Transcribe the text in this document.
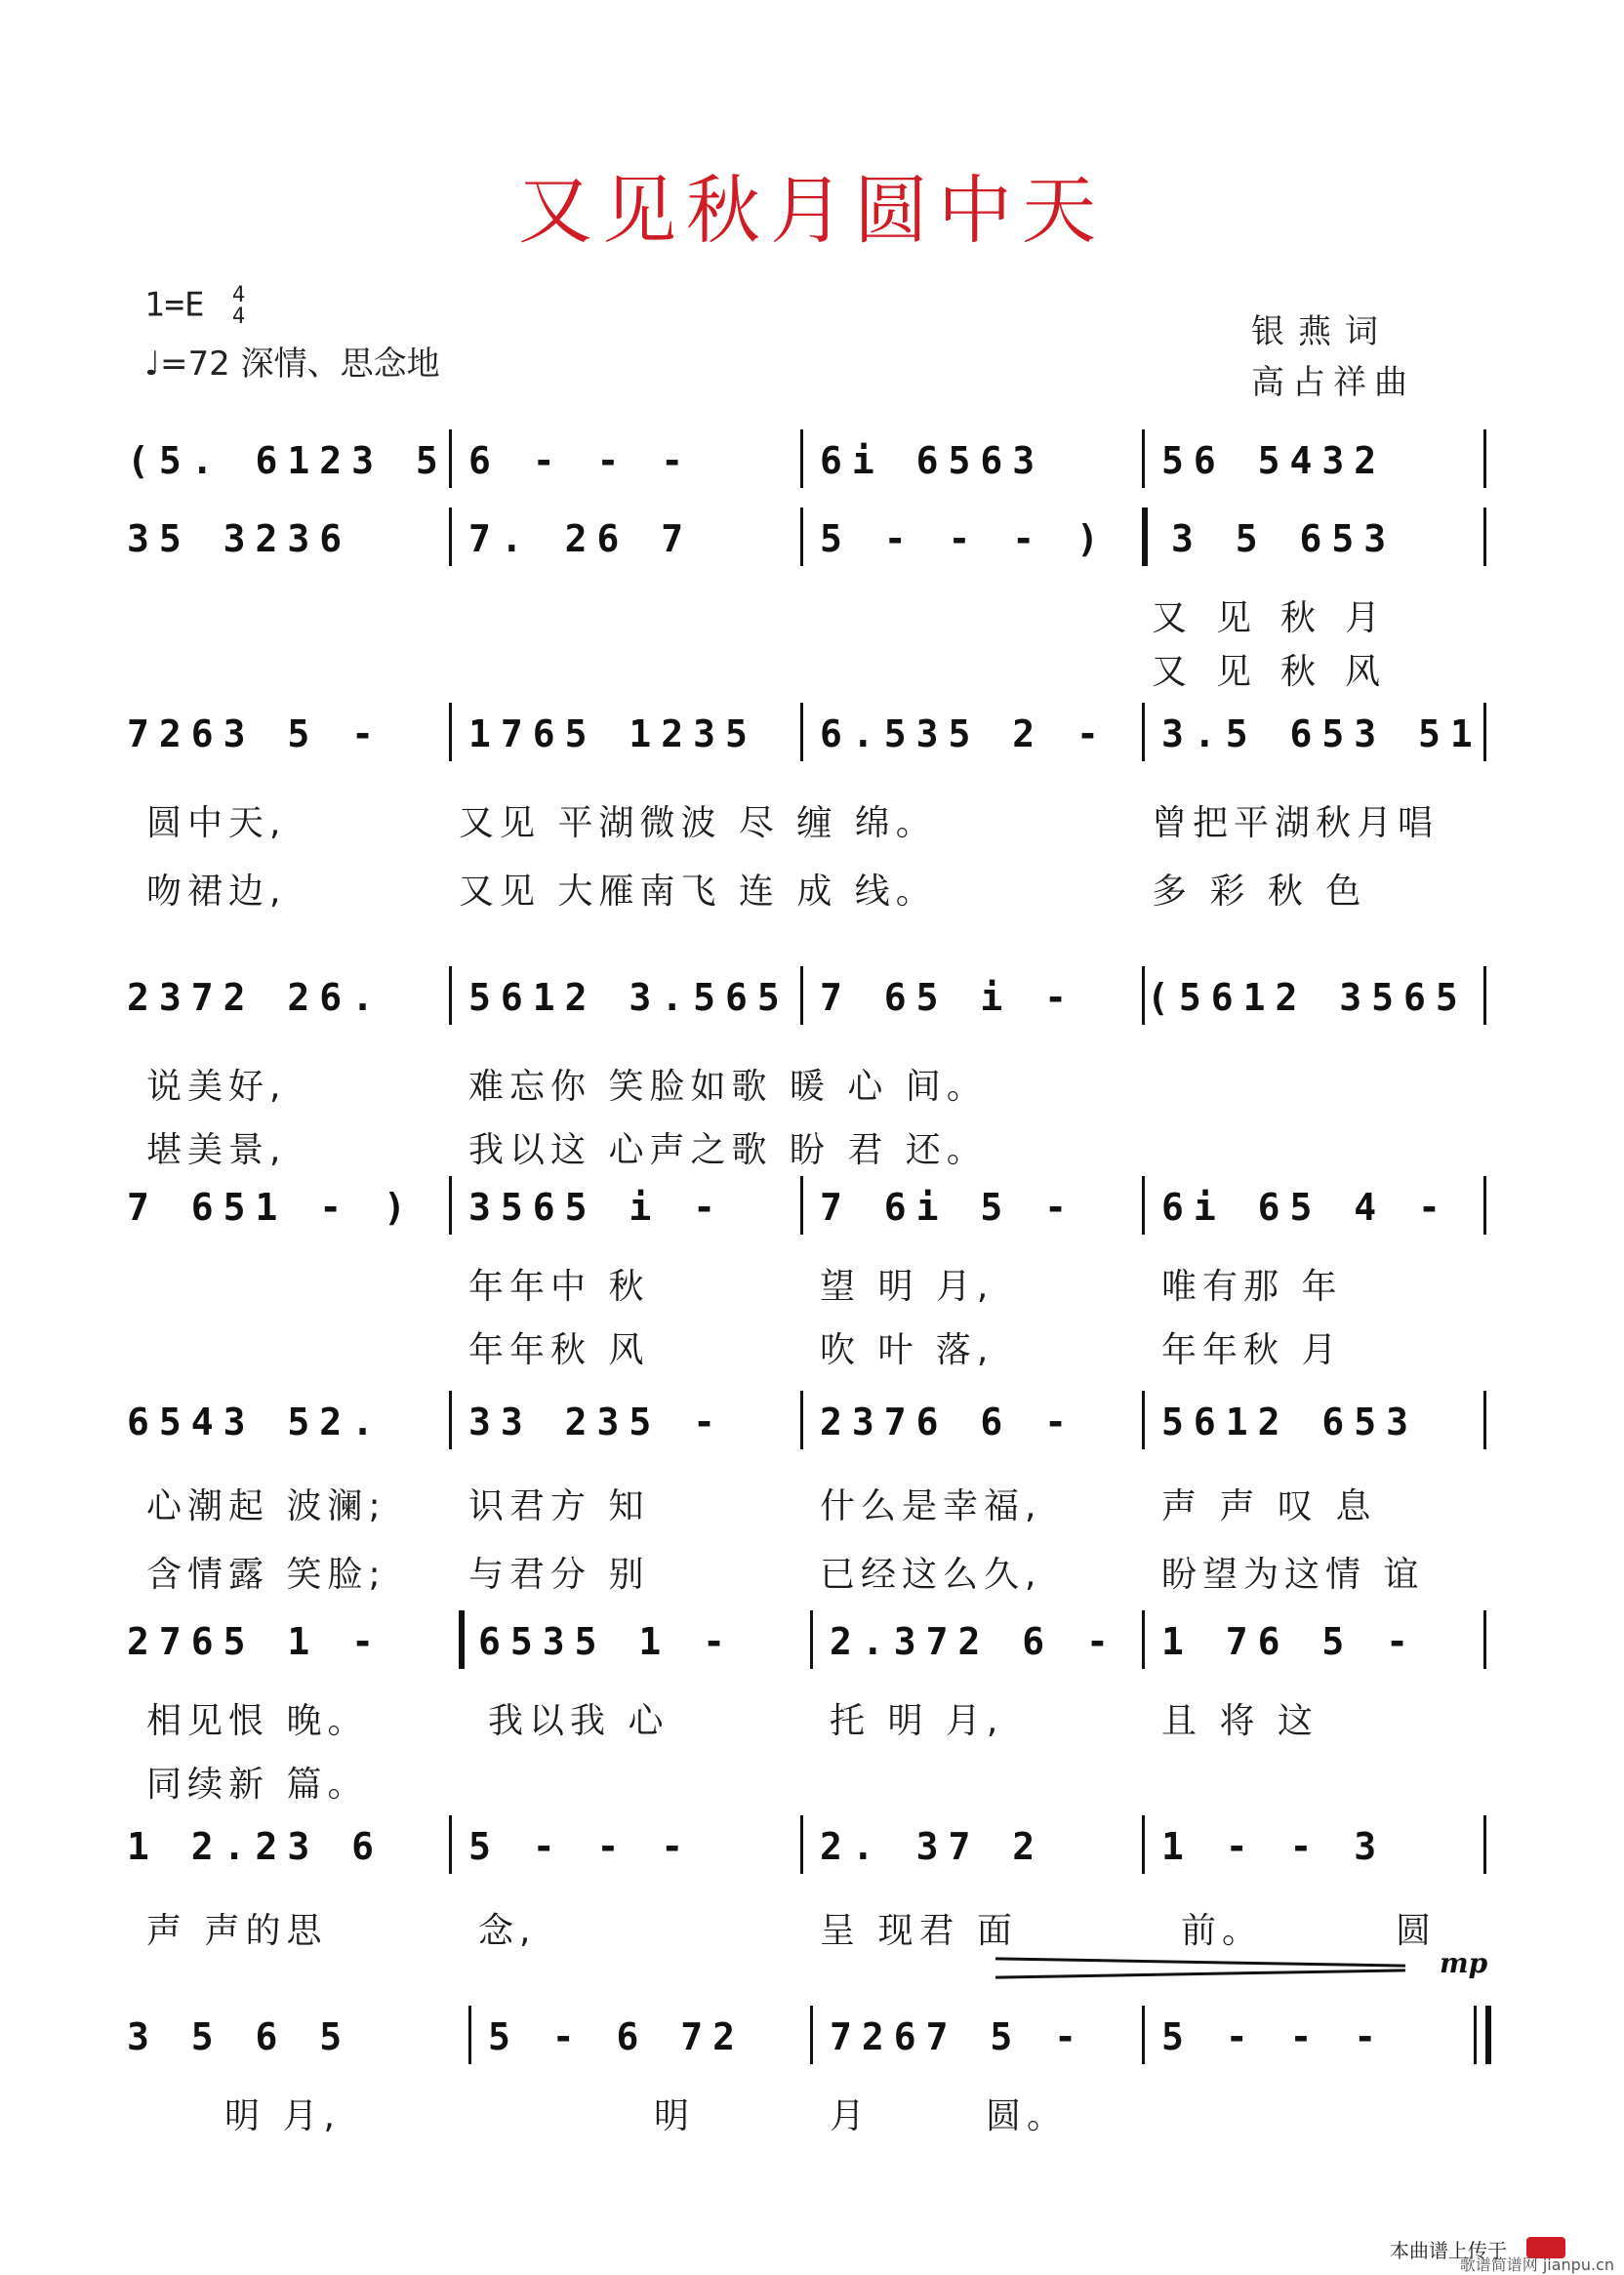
又见秋月圆中天
1=E 4
4
♩=72 深情、思念地
银燕词
高占祥曲
(5. 6123 5 6 - - -	6i 6563	56 5432
35 3236	7. 26 7	5 - - - ) 3 5 653
又见秋月
又见秋风
7263 5 - 1765 1235 6.535 2 - 3.5 653 51
圆中天,	又见 平湖微波 尽 缠 绵。	曾把平湖秋月唱
吻裙边,	又见 大雁南飞 连 成 线。	多 彩 秋 色
2372 26. 5612 3.565 7 65 i - (5612 3565
说美好,	难忘你 笑脸如歌 暖 心 间。
堪美景,	我以这 心声之歌 盼 君 还。
7 651 - ) 3565 i -	7 6i 5 - 6i 65 4 -
年年中 秋	望 明 月,	唯有那 年
年年秋 风	吹 叶 落,	年年秋 月
6543 52. 33 235 -	2376 6 - 5612 653
心潮起 波澜; 识君方 知	什么是幸福,	声 声 叹 息
含情露 笑脸; 与君分 别	已经这么久,	盼望为这情 谊
2765 1 -	6535 1 -	2.372 6 - 1 76 5 -
相见恨 晚。	我以我 心	托 明 月,	且 将 这
同续新 篇。
1 2.23 6 5 - - -	2. 37 2	1 - - 3
声 声的思	念,	呈 现君 面	前。	圆
mp
3 5 6 5	5 - 6 72 7267 5 - 5 - - -
明 月,	明	月	圆。
本曲谱上传于
歌谱简谱网 jianpu.cn
